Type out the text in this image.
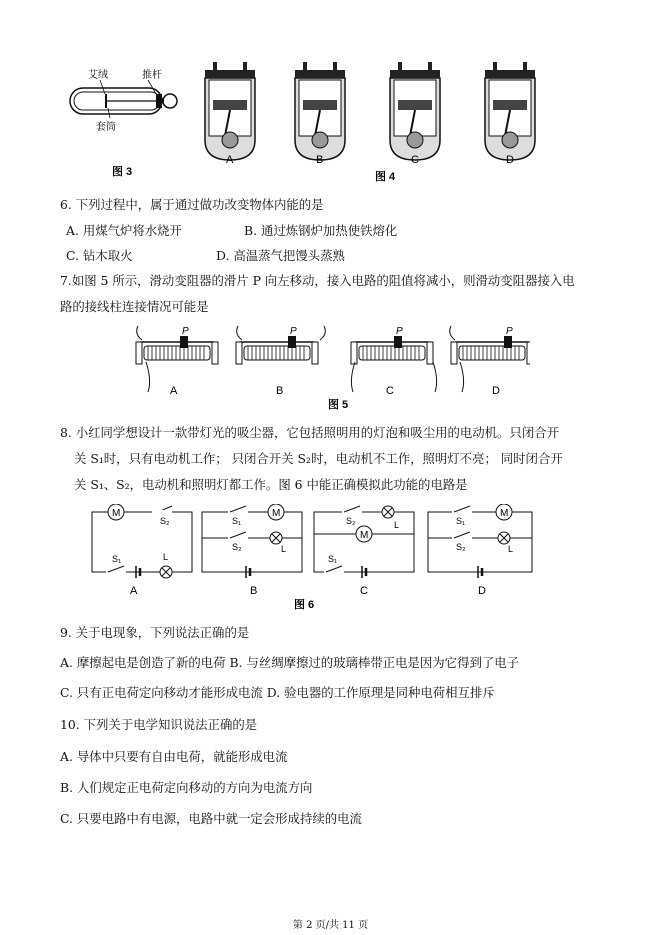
艾绒	推杆
套筒
图 3
A	B	C	D
图 4
6. 下列过程中，属于通过做功改变物体内能的是
A. 用煤气炉将水烧开	B. 通过炼钢炉加热使铁熔化
C. 钻木取火	D. 高温蒸气把馒头蒸熟
7.如图 5 所示，滑动变阻器的滑片 P 向左移动，接入电路的阻值将减小，则滑动变阻器接入电
路的接线柱连接情况可能是
P	P	P	P
A	B	C	D
图 5
8. 小红同学想设计一款带灯光的吸尘器，它包括照明用的灯泡和吸尘用的电动机。只闭合开
关 S₁时，只有电动机工作； 只闭合开关 S₂时，电动机不工作，照明灯不亮； 同时闭合开
关 S₁、S₂，电动机和照明灯都工作。图 6 中能正确模拟此功能的电路是
M
S₂
S₁	L
S₁
M
S₂	L
S₂	L
M
S₁
S₁
M
S₂	L
A	B	C	D
图 6
9. 关于电现象，下列说法正确的是
A. 摩擦起电是创造了新的电荷 B. 与丝绸摩擦过的玻璃棒带正电是因为它得到了电子
C. 只有正电荷定向移动才能形成电流 D. 验电器的工作原理是同种电荷相互排斥
10. 下列关于电学知识说法正确的是
A. 导体中只要有自由电荷，就能形成电流
B. 人们规定正电荷定向移动的方向为电流方向
C. 只要电路中有电源，电路中就一定会形成持续的电流
第 2 页/共 11 页
